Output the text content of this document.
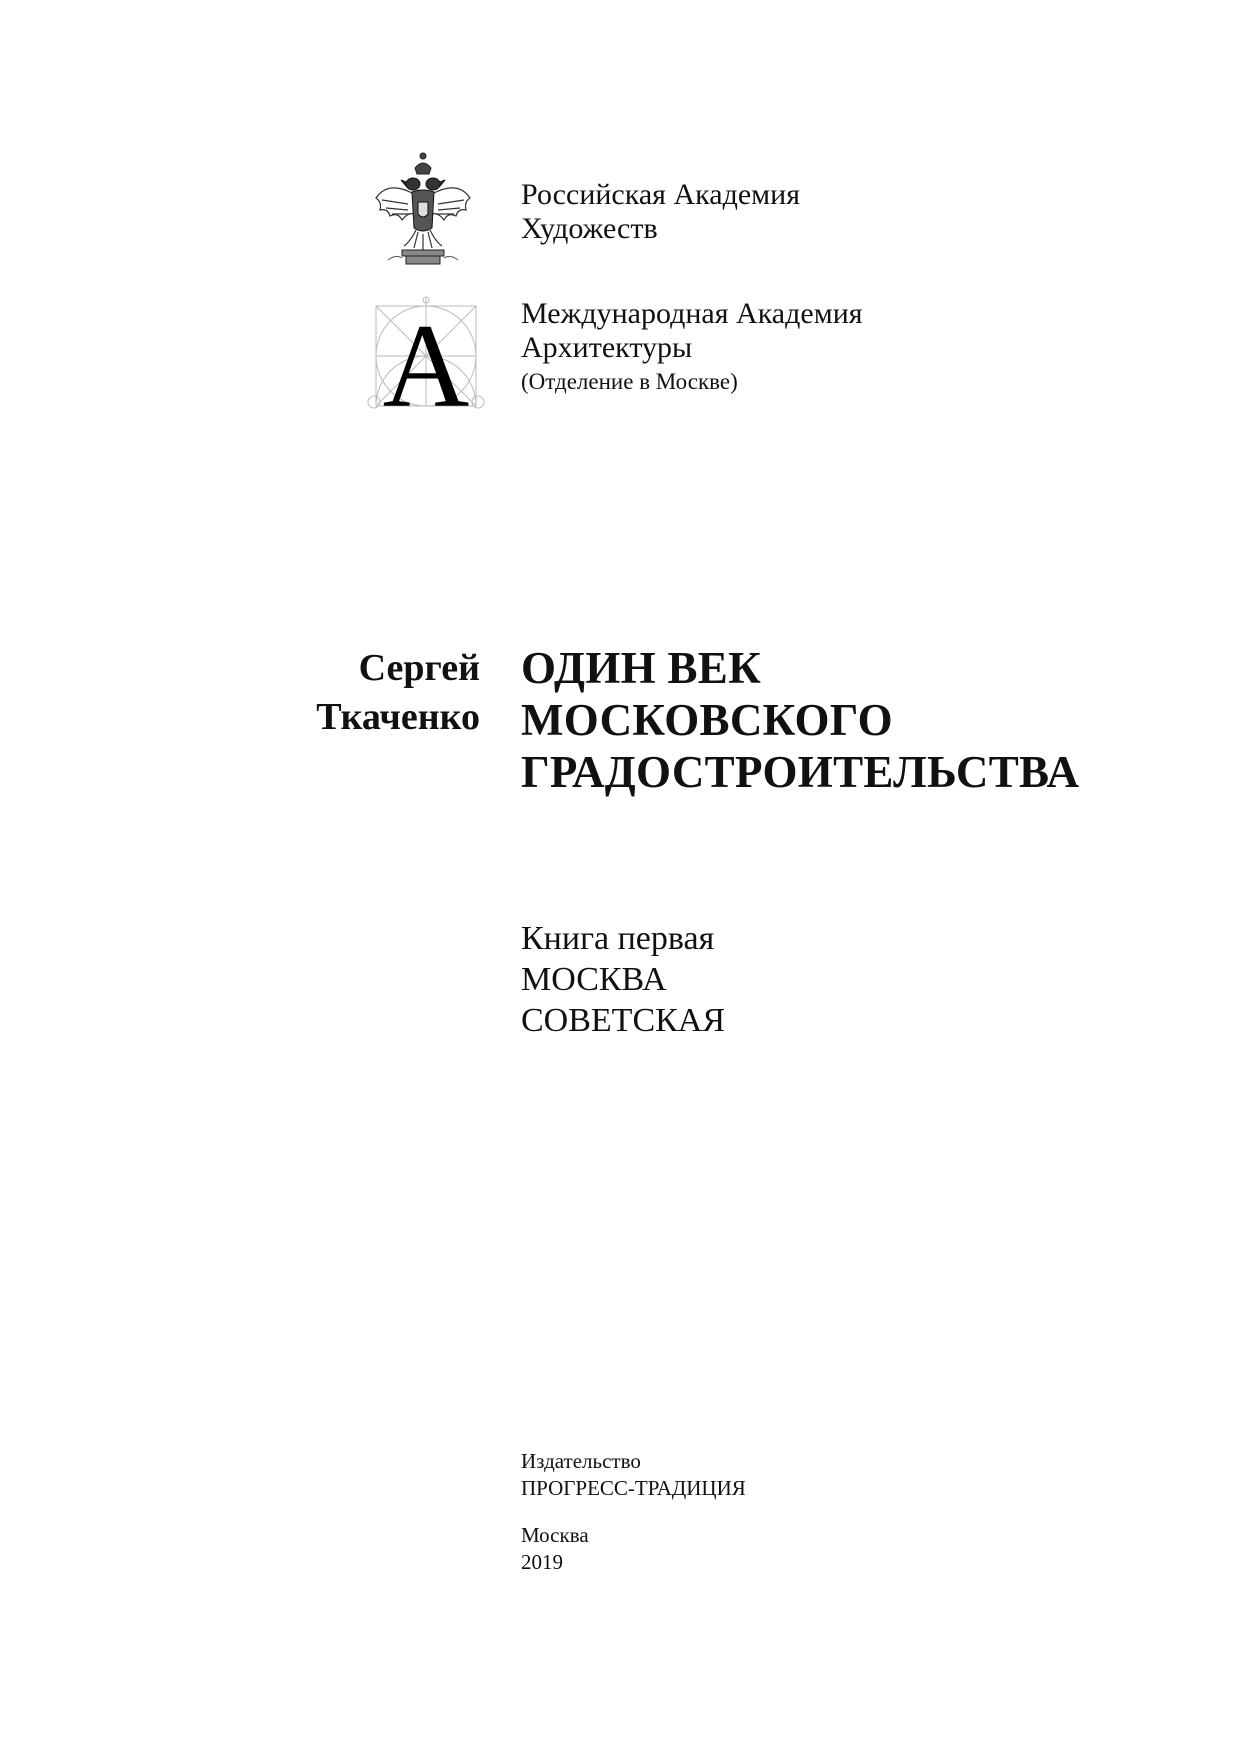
Российская Академия
Художеств
A Международная Академия
Архитектуры
(Отделение в Москве)
Сергей
Ткаченко
ОДИН ВЕК
МОСКОВСКОГО
ГРАДОСТРОИТЕЛЬСТВА
Книга первая
МОСКВА
СОВЕТСКАЯ
Издательство
ПРОГРЕСС-ТРАДИЦИЯ
Москва
2019
